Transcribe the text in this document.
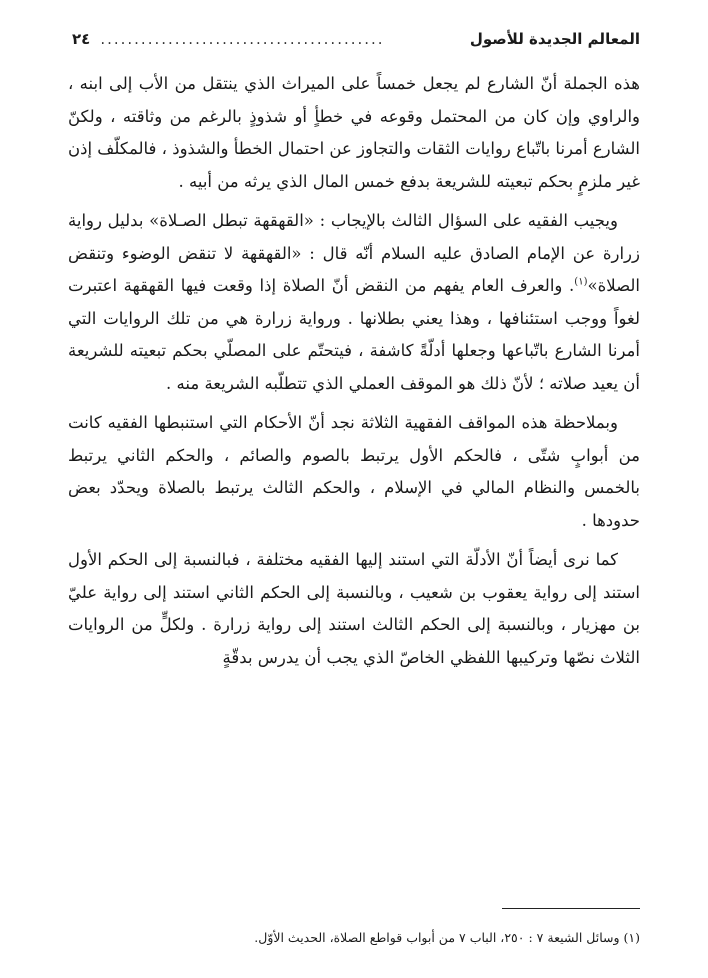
المعالم الجديدة للأصول
..........................................
٢٤

هذه الجملة أنّ الشارع لم يجعل خمساً على الميراث الذي ينتقل من الأب إلى ابنه ، والراوي وإن كان من المحتمل وقوعه في خطأٍ أو شذوذٍ بالرغم من وثاقته ، ولكنّ الشارع أمرنا باتّباع روايات الثقات والتجاوز عن احتمال الخطأ والشذوذ ، فالمكلّف إذن غير ملزمٍ بحكم تبعيته للشريعة بدفع خمس المال الذي يرثه من أبيه .

ويجيب الفقيه على السؤال الثالث بالإيجاب : «القهقهة تبطل الصـلاة» بدليل رواية زرارة عن الإمام الصادق عليه السلام أنّه قال : «القهقهة لا تنقض الوضوء وتنقض الصلاة»$^{(١)}$. والعرف العام يفهم من النقض أنّ الصلاة إذا وقعت فيها القهقهة اعتبرت لغواً ووجب استئنافها ، وهذا يعني بطلانها . ورواية زرارة هي من تلك الروايات التي أمرنا الشارع باتّباعها وجعلها أدلّةً كاشفة ، فيتحتّم على المصلّي بحكم تبعيته للشريعة أن يعيد صلاته ؛ لأنّ ذلك هو الموقف العملي الذي تتطلّبه الشريعة منه .

وبملاحظة هذه المواقف الفقهية الثلاثة نجد أنّ الأحكام التي استنبطها الفقيه كانت من أبوابٍ شتّى ، فالحكم الأول يرتبط بالصوم والصائم ، والحكم الثاني يرتبط بالخمس والنظام المالي في الإسلام ، والحكم الثالث يرتبط بالصلاة ويحدّد بعض حدودها .

كما نرى أيضاً أنّ الأدلّة التي استند إليها الفقيه مختلفة ، فبالنسبة إلى الحكم الأول استند إلى رواية يعقوب بن شعيب ، وبالنسبة إلى الحكم الثاني استند إلى رواية عليّ بن مهزيار ، وبالنسبة إلى الحكم الثالث استند إلى رواية زرارة . ولكلٍّ من الروايات الثلاث نصّها وتركيبها اللفظي الخاصّ الذي يجب أن يدرس بدقّةٍ

(١) وسائل الشيعة ٧ : ٢٥٠، الباب ٧ من أبواب قواطع الصلاة، الحديث الأوّل.
